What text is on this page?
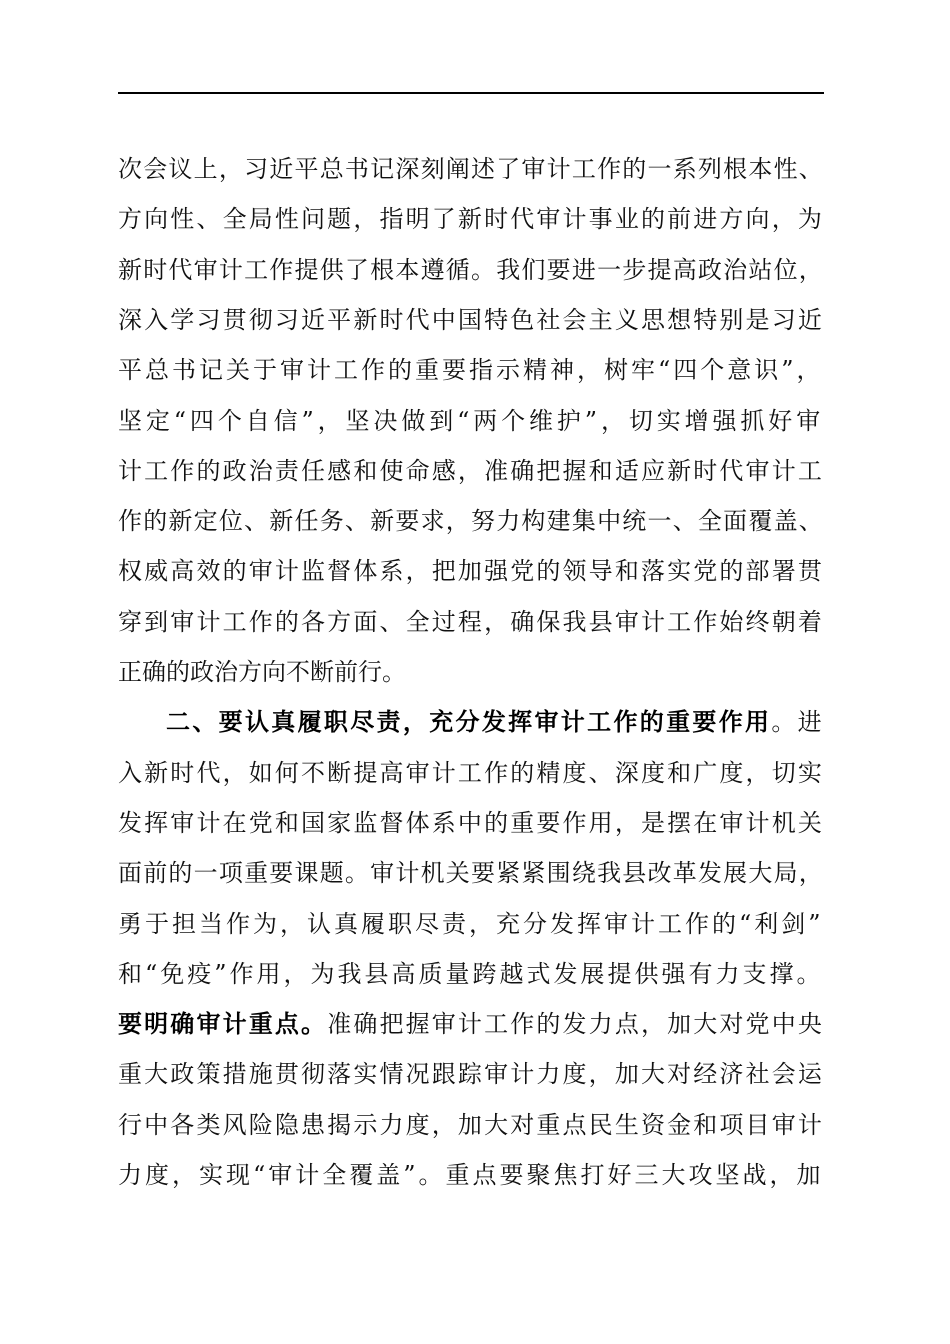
次会议上，习近平总书记深刻阐述了审计工作的一系列根本性、
方向性、全局性问题，指明了新时代审计事业的前进方向，为
新时代审计工作提供了根本遵循。我们要进一步提高政治站位，
深入学习贯彻习近平新时代中国特色社会主义思想特别是习近
平总书记关于审计工作的重要指示精神，树牢“四个意识”，
坚定“四个自信”，坚决做到“两个维护”，切实增强抓好审
计工作的政治责任感和使命感，准确把握和适应新时代审计工
作的新定位、新任务、新要求，努力构建集中统一、全面覆盖、
权威高效的审计监督体系，把加强党的领导和落实党的部署贯
穿到审计工作的各方面、全过程，确保我县审计工作始终朝着
正确的政治方向不断前行。
二、要认真履职尽责，充分发挥审计工作的重要作用。进
入新时代，如何不断提高审计工作的精度、深度和广度，切实
发挥审计在党和国家监督体系中的重要作用，是摆在审计机关
面前的一项重要课题。审计机关要紧紧围绕我县改革发展大局，
勇于担当作为，认真履职尽责，充分发挥审计工作的“利剑”
和“免疫”作用，为我县高质量跨越式发展提供强有力支撑。
要明确审计重点。准确把握审计工作的发力点，加大对党中央
重大政策措施贯彻落实情况跟踪审计力度，加大对经济社会运
行中各类风险隐患揭示力度，加大对重点民生资金和项目审计
力度，实现“审计全覆盖”。重点要聚焦打好三大攻坚战，加
